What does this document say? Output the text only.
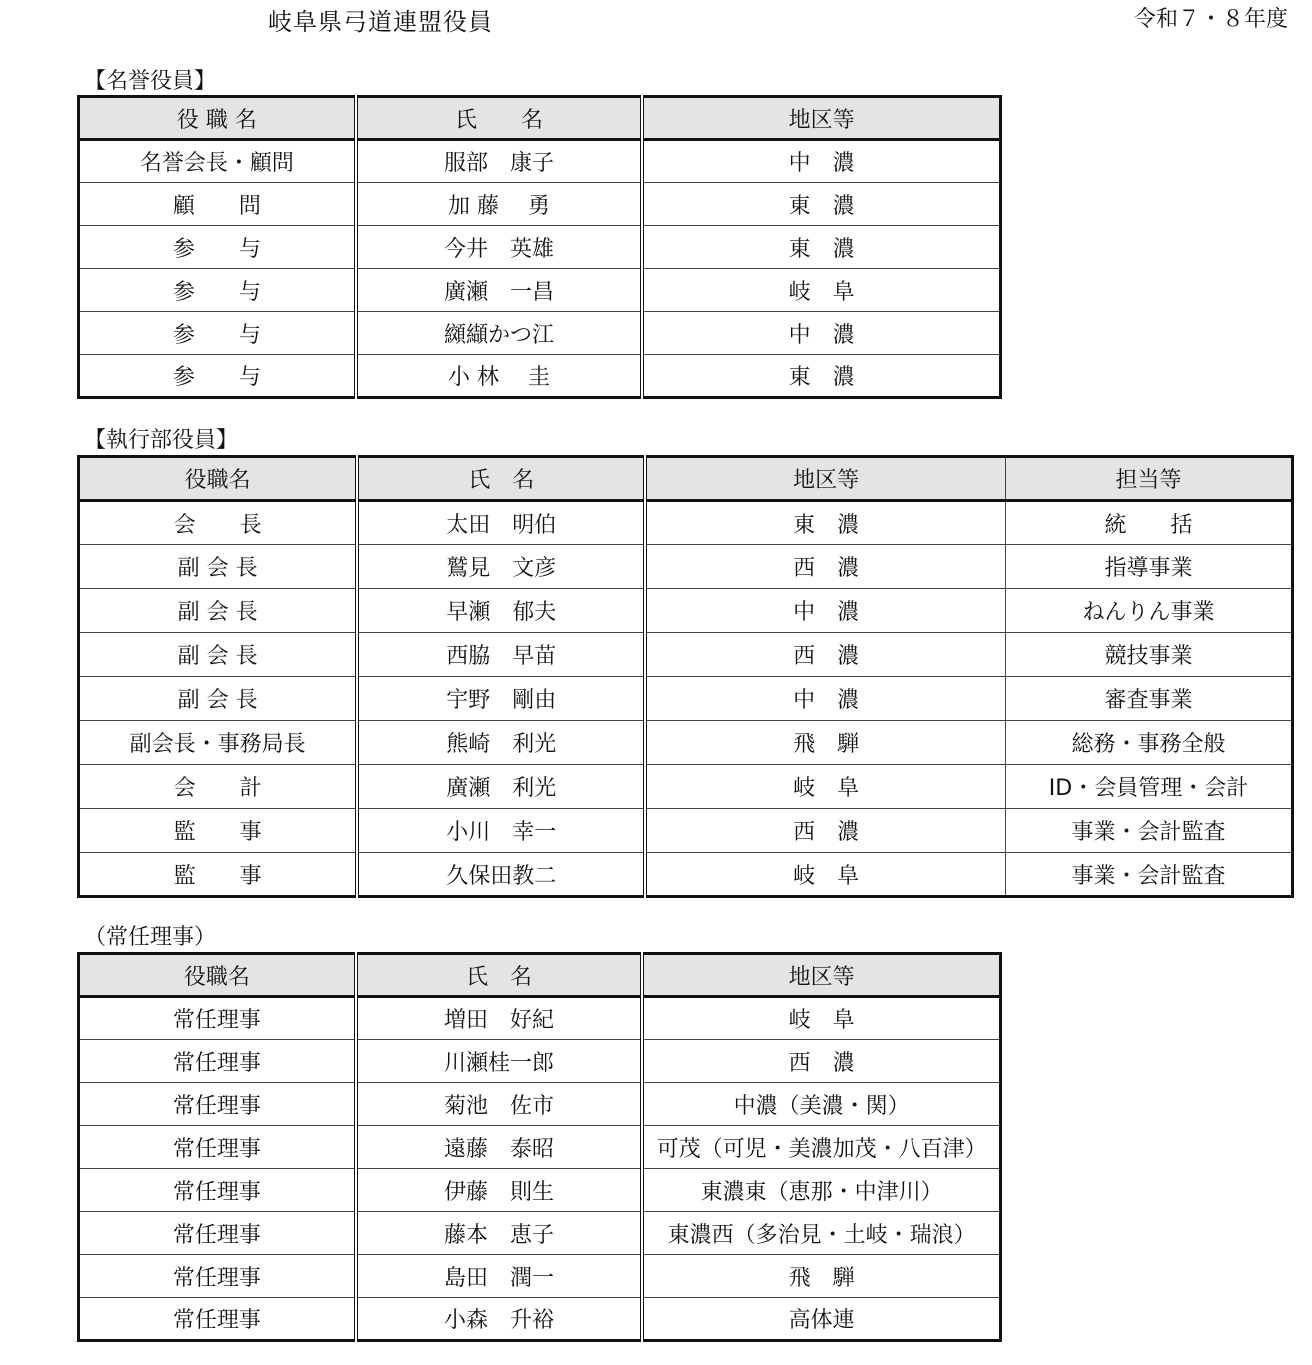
岐阜県弓道連盟役員	令和７・８年度
【名誉役員】
役 職 名	氏　　名	地区等
名誉会長・顧問	服部　康子	中　濃
顧　　問	加 藤　 勇	東　濃
参　　与	今井　英雄	東　濃
参　　与	廣瀬　一昌	岐　阜
参　　与	纐纈かつ江	中　濃
参　　与	小 林　 圭	東　濃
【執行部役員】
役職名	氏　名	地区等	担当等
会　　長	太田　明伯	東　濃	統　　括
副 会 長	鷲見　文彦	西　濃	指導事業
副 会 長	早瀬　郁夫	中　濃	ねんりん事業
副 会 長	西脇　早苗	西　濃	競技事業
副 会 長	宇野　剛由	中　濃	審査事業
副会長・事務局長	熊崎　利光	飛　騨	総務・事務全般
会　　計	廣瀬　利光	岐　阜	ID・会員管理・会計
監　　事	小川　幸一	西　濃	事業・会計監査
監　　事	久保田教二	岐　阜	事業・会計監査
（常任理事）
役職名	氏　名	地区等
常任理事	増田　好紀	岐　阜
常任理事	川瀬桂一郎	西　濃
常任理事	菊池　佐市	中濃（美濃・関）
常任理事	遠藤　泰昭	可茂（可児・美濃加茂・八百津）
常任理事	伊藤　則生	東濃東（恵那・中津川）
常任理事	藤本　恵子	東濃西（多治見・土岐・瑞浪）
常任理事	島田　潤一	飛　騨
常任理事	小森　升裕	高体連
